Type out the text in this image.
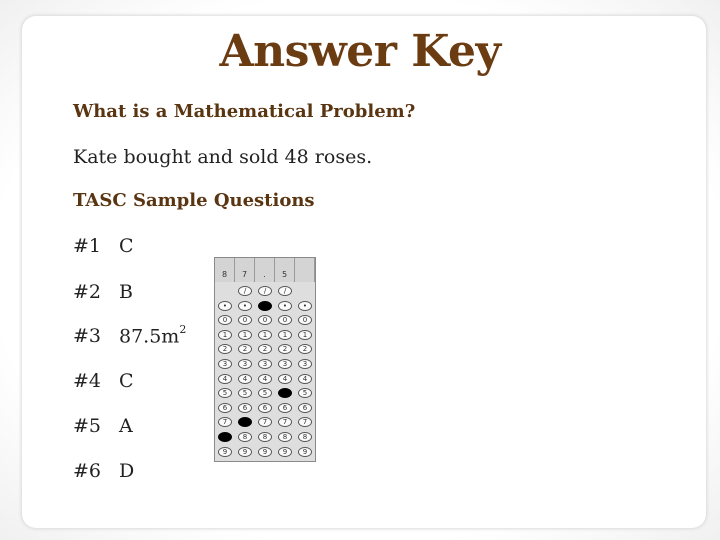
Answer Key
What is a Mathematical Problem?
Kate bought and sold 48 roses.
TASC Sample Questions
#1 C
#2 B
#3 $87.5m^2$
#4 C
#5 A
#6 D
8
•
0
1
2
3
4
5
6
7
8
9
7
/
•
0
1
2
3
4
5
6
7
8
9
.
/
•
0
1
2
3
4
5
6
7
8
9
5
/
•
0
1
2
3
4
5
6
7
8
9
•
0
1
2
3
4
5
6
7
8
9
